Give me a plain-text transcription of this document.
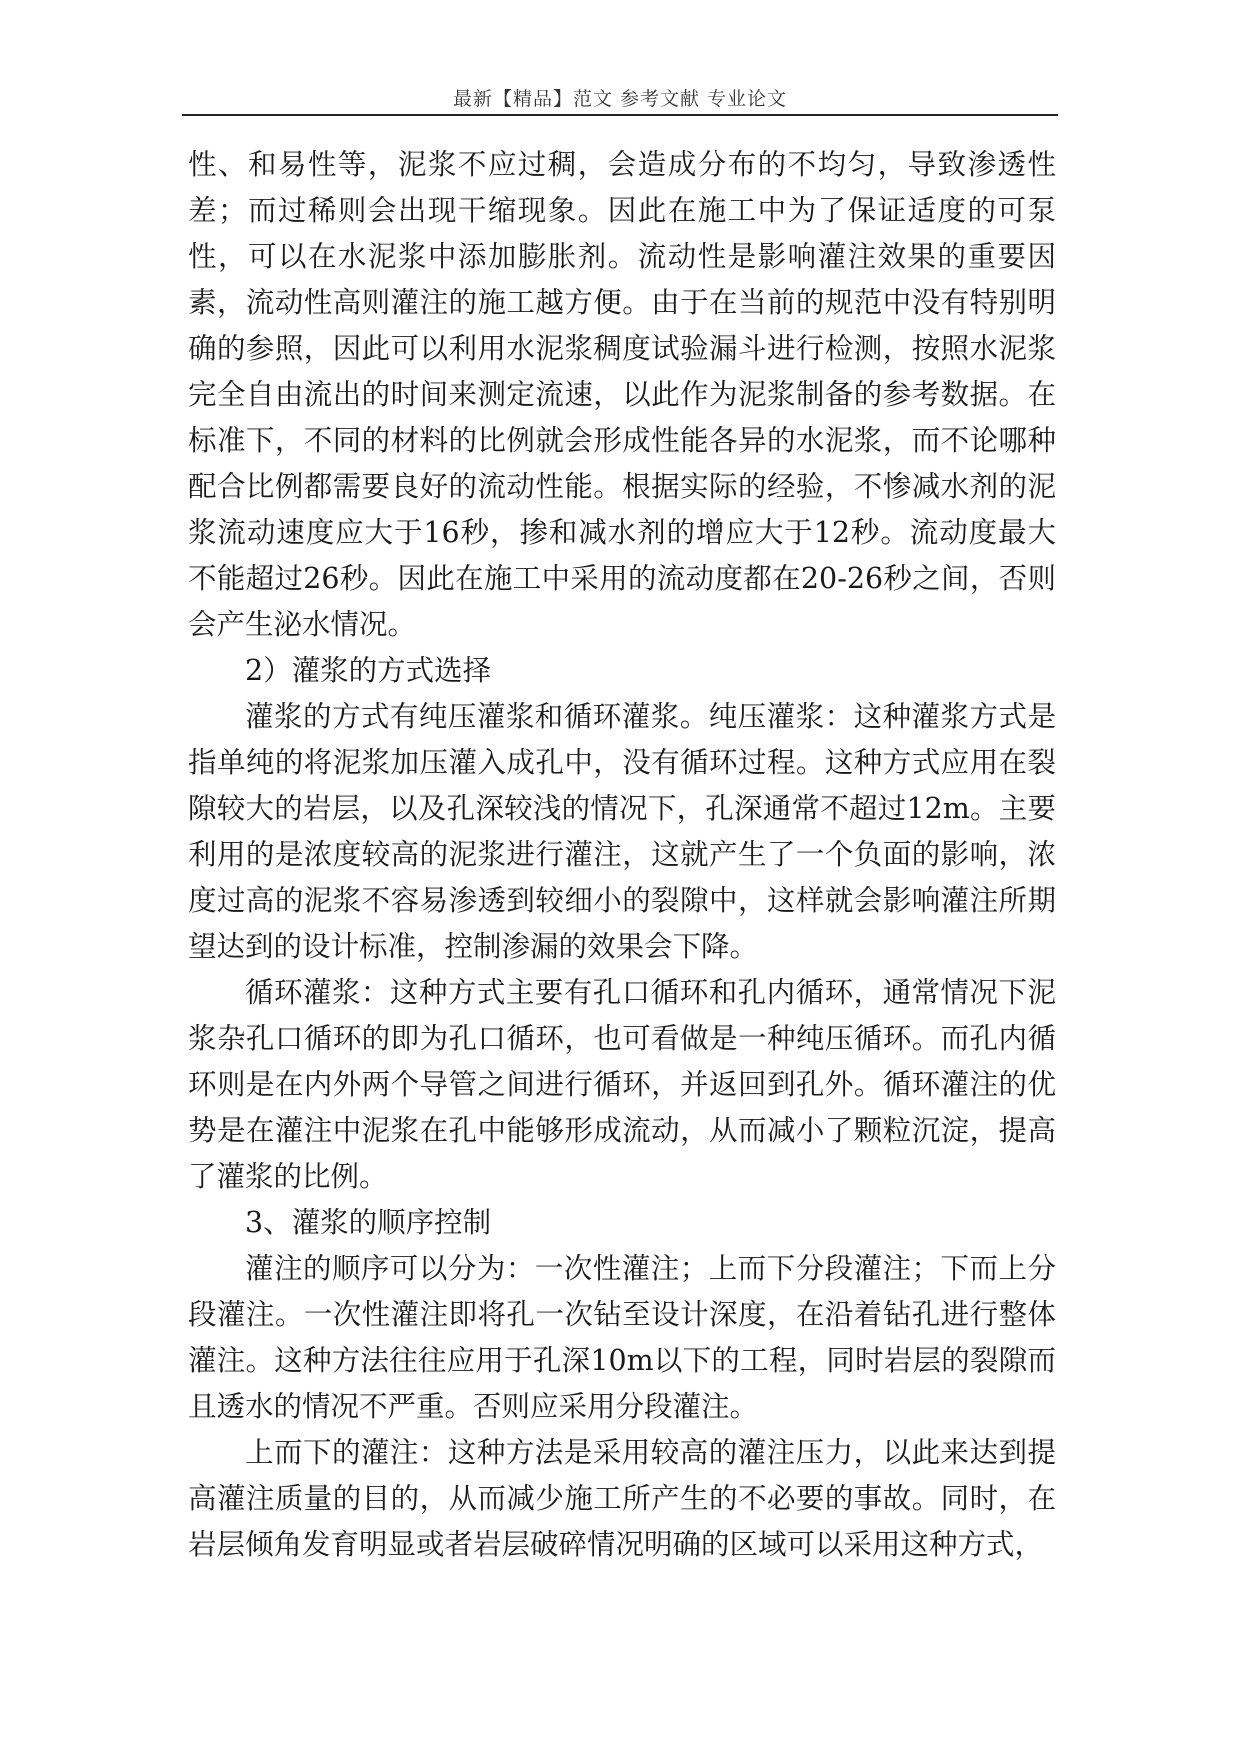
最新【精品】范文 参考文献 专业论文

性、和易性等，泥浆不应过稠，会造成分布的不均匀，导致渗透性差；而过稀则会出现干缩现象。因此在施工中为了保证适度的可泵性，可以在水泥浆中添加膨胀剂。流动性是影响灌注效果的重要因素，流动性高则灌注的施工越方便。由于在当前的规范中没有特别明确的参照，因此可以利用水泥浆稠度试验漏斗进行检测，按照水泥浆完全自由流出的时间来测定流速，以此作为泥浆制备的参考数据。在标准下，不同的材料的比例就会形成性能各异的水泥浆，而不论哪种配合比例都需要良好的流动性能。根据实际的经验，不惨减水剂的泥浆流动速度应大于16秒，掺和减水剂的增应大于12秒。流动度最大不能超过26秒。因此在施工中采用的流动度都在20-26秒之间，否则会产生泌水情况。

2）灌浆的方式选择

灌浆的方式有纯压灌浆和循环灌浆。纯压灌浆：这种灌浆方式是指单纯的将泥浆加压灌入成孔中，没有循环过程。这种方式应用在裂隙较大的岩层，以及孔深较浅的情况下，孔深通常不超过12m。主要利用的是浓度较高的泥浆进行灌注，这就产生了一个负面的影响，浓度过高的泥浆不容易渗透到较细小的裂隙中，这样就会影响灌注所期望达到的设计标准，控制渗漏的效果会下降。

循环灌浆：这种方式主要有孔口循环和孔内循环，通常情况下泥浆杂孔口循环的即为孔口循环，也可看做是一种纯压循环。而孔内循环则是在内外两个导管之间进行循环，并返回到孔外。循环灌注的优势是在灌注中泥浆在孔中能够形成流动，从而减小了颗粒沉淀，提高了灌浆的比例。

3、灌浆的顺序控制

灌注的顺序可以分为：一次性灌注；上而下分段灌注；下而上分段灌注。一次性灌注即将孔一次钻至设计深度，在沿着钻孔进行整体灌注。这种方法往往应用于孔深10m以下的工程，同时岩层的裂隙而且透水的情况不严重。否则应采用分段灌注。

上而下的灌注：这种方法是采用较高的灌注压力，以此来达到提高灌注质量的目的，从而减少施工所产生的不必要的事故。同时，在岩层倾角发育明显或者岩层破碎情况明确的区域可以采用这种方式，
